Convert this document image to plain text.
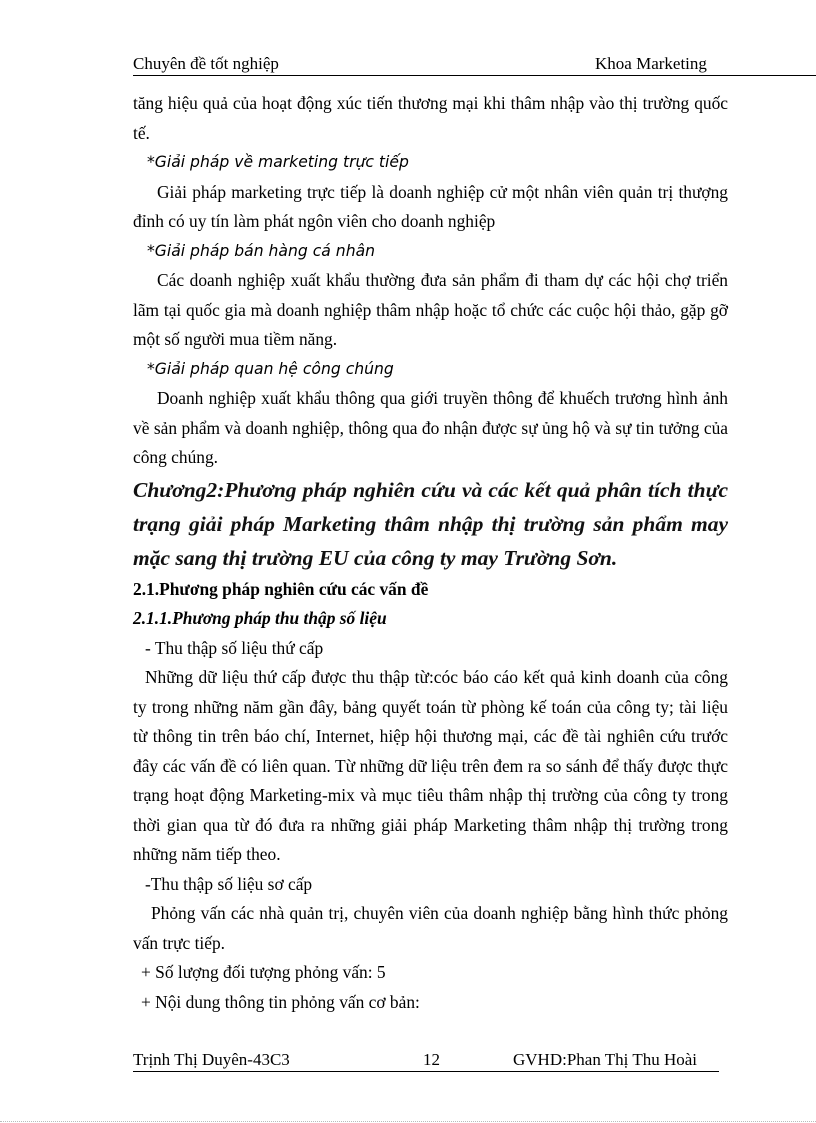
Chuyên đề tốt nghiệp	Khoa Marketing

tăng hiệu quả của hoạt động xúc tiến thương mại khi thâm nhập vào thị trường quốc tế.

*Giải pháp về marketing trực tiếp

Giải pháp marketing trực tiếp là doanh nghiệp cử một nhân viên quản trị thượng đỉnh có uy tín làm phát ngôn viên cho doanh nghiệp

*Giải pháp bán hàng cá nhân

Các doanh nghiệp xuất khẩu thường đưa sản phẩm đi tham dự các hội chợ triển lãm tại quốc gia mà doanh nghiệp thâm nhập hoặc tổ chức các cuộc hội thảo, gặp gỡ một số người mua tiềm năng.

*Giải pháp quan hệ công chúng

Doanh nghiệp xuất khẩu thông qua giới truyền thông để khuếch trương hình ảnh về sản phẩm và doanh nghiệp, thông qua đo nhận được sự ủng hộ và sự tin tưởng của công chúng.

Chương2:Phương pháp nghiên cứu và các kết quả phân tích thực trạng giải pháp Marketing thâm nhập thị trường sản phẩm may mặc sang thị trường EU của công ty may Trường Sơn.

2.1.Phương pháp nghiên cứu các vấn đề

2.1.1.Phương pháp thu thập số liệu

- Thu thập số liệu thứ cấp

Những dữ liệu thứ cấp được thu thập từ:cóc báo cáo kết quả kinh doanh của công ty trong những năm gần đây, bảng quyết toán từ phòng kế toán của công ty; tài liệu từ thông tin trên báo chí, Internet, hiệp hội thương mại, các đề tài nghiên cứu trước đây các vấn đề có liên quan. Từ những dữ liệu trên đem ra so sánh để thấy được thực trạng hoạt động Marketing-mix và mục tiêu thâm nhập thị trường của công ty trong thời gian qua từ đó đưa ra những giải pháp Marketing thâm nhập thị trường trong những năm tiếp theo.

-Thu thập số liệu sơ cấp

Phỏng vấn các nhà quản trị, chuyên viên của doanh nghiệp bằng hình thức phỏng vấn trực tiếp.

+ Số lượng đối tượng phỏng vấn: 5

+ Nội dung thông tin phỏng vấn cơ bản:

Trịnh Thị Duyên-43C3	12	GVHD:Phan Thị Thu Hoài
